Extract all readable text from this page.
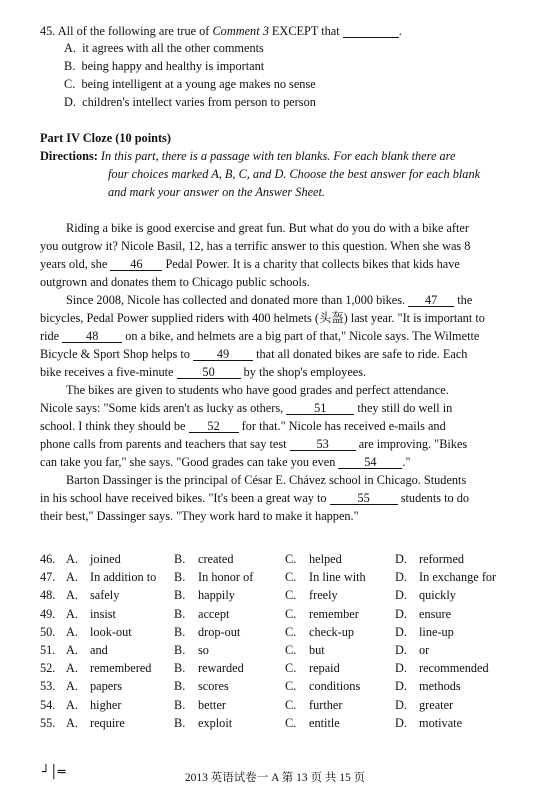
45. All of the following are true of Comment 3 EXCEPT that	.
A. it agrees with all the other comments
B. being happy and healthy is important
C. being intelligent at a young age makes no sense
D. children's intellect varies from person to person
Part IV Cloze (10 points)
Directions: In this part, there is a passage with ten blanks. For each blank there are
four choices marked A, B, C, and D. Choose the best answer for each blank
and mark your answer on the Answer Sheet.
Riding a bike is good exercise and great fun. But what do you do with a bike after
you outgrow it? Nicole Basil, 12, has a terrific answer to this question. When she was 8
years old, she 46 Pedal Power. It is a charity that collects bikes that kids have
outgrown and donates them to Chicago public schools.
Since 2008, Nicole has collected and donated more than 1,000 bikes. 47 the
bicycles, Pedal Power supplied riders with 400 helmets (头盔) last year. "It is important to
ride 48 on a bike, and helmets are a big part of that," Nicole says. The Wilmette
Bicycle & Sport Shop helps to 49 that all donated bikes are safe to ride. Each
bike receives a five-minute 50 by the shop's employees.
The bikes are given to students who have good grades and perfect attendance.
Nicole says: "Some kids aren't as lucky as others,	51	they still do well in
school. I think they should be 52 for that." Nicole has received e-mails and
phone calls from parents and teachers that say test 53 are improving. "Bikes
can take you far," she says. "Good grades can take you even 54 ."
Barton Dassinger is the principal of César E. Chávez school in Chicago. Students
in his school have received bikes. "It's been a great way to	55	students to do
their best," Dassinger says. "They work hard to make it happen."
46. A. joined	B. created	C. helped	D. reformed
47. A. In addition to B. In honor of	C. In line with D. In exchange for
48. A. safely	B. happily	C. freely	D. quickly
49. A. insist	B. accept	C. remember	D. ensure
50. A. look-out	B. drop-out	C. check-up	D. line-up
51. A. and	B. so	C. but	D. or
52. A. remembered B. rewarded	C. repaid	D. recommended
53. A. papers	B. scores	C. conditions	D. methods
54. A. higher	B. better	C. further	D. greater
55. A. require	B. exploit	C. entitle	D. motivate
┘│═	2013 英语试卷一 A 第 13 页 共 15 页
